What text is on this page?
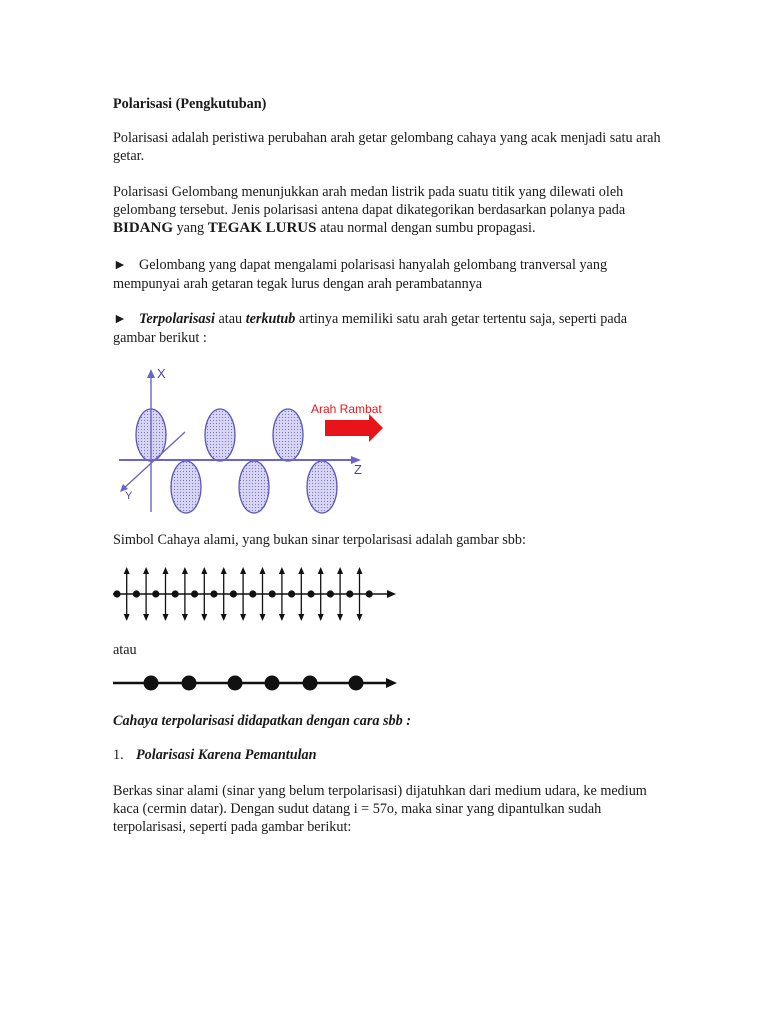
Polarisasi (Pengkutuban)

Polarisasi adalah peristiwa perubahan arah getar gelombang cahaya yang acak menjadi satu arah getar.

Polarisasi Gelombang menunjukkan arah medan listrik pada suatu titik yang dilewati oleh gelombang tersebut. Jenis polarisasi antena dapat dikategorikan berdasarkan polanya pada BIDANG yang TEGAK LURUS atau normal dengan sumbu propagasi.

► Gelombang yang dapat mengalami polarisasi hanyalah gelombang tranversal yang mempunyai arah getaran tegak lurus dengan arah perambatannya

► Terpolarisasi atau terkutub artinya memiliki satu arah getar tertentu saja, seperti pada gambar berikut :

X
Z
Y
Arah Rambat

Simbol Cahaya alami, yang bukan sinar terpolarisasi adalah gambar sbb:

atau

Cahaya terpolarisasi didapatkan dengan cara sbb :

1. Polarisasi Karena Pemantulan

Berkas sinar alami (sinar yang belum terpolarisasi) dijatuhkan dari medium udara, ke medium kaca (cermin datar). Dengan sudut datang i = 57o, maka sinar yang dipantulkan sudah terpolarisasi, seperti pada gambar berikut:
